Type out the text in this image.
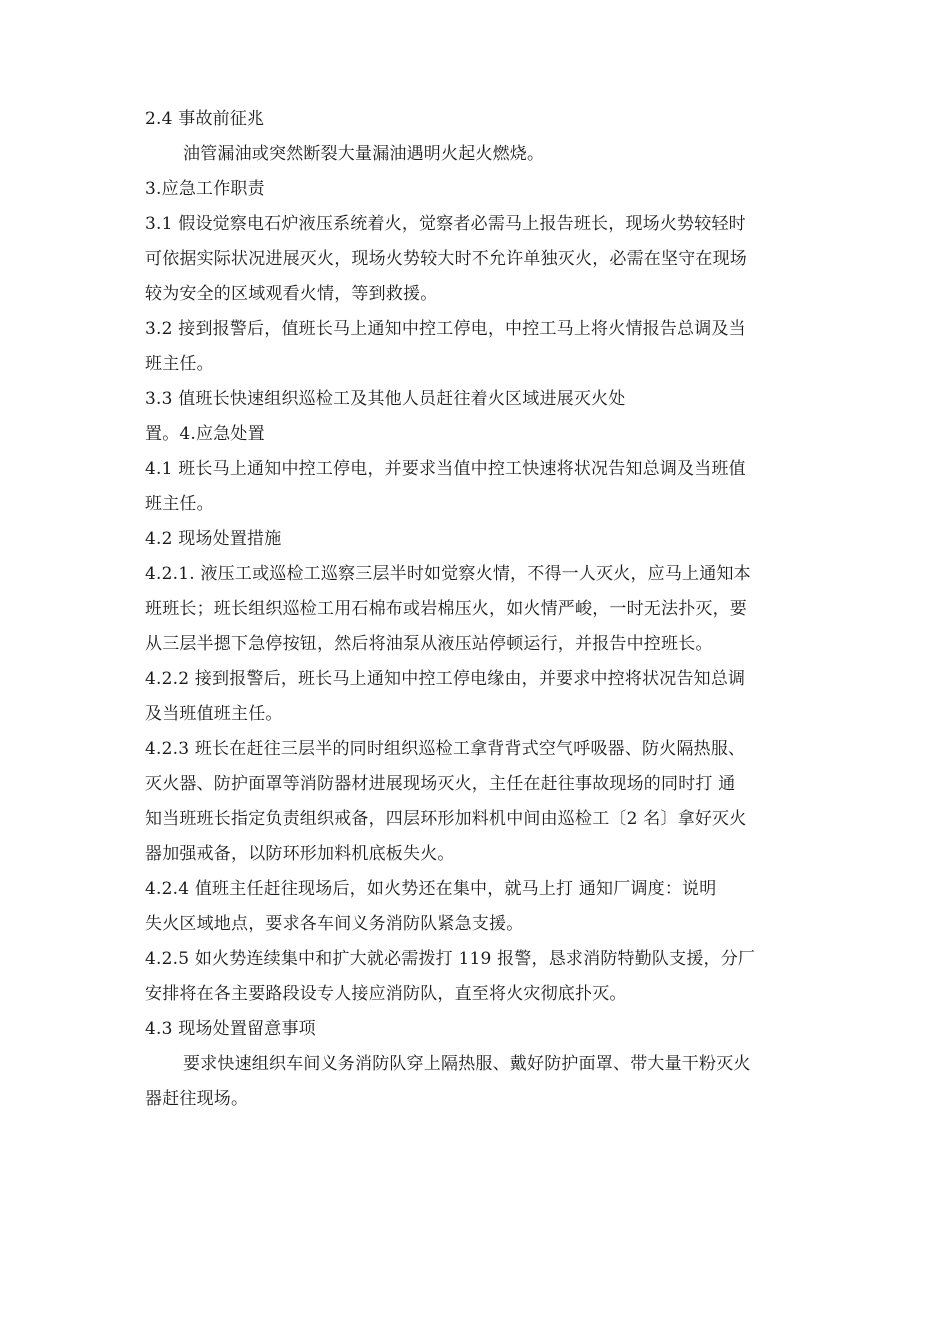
2.4 事故前征兆
油管漏油或突然断裂大量漏油遇明火起火燃烧。
3.应急工作职责
3.1 假设觉察电石炉液压系统着火，觉察者必需马上报告班长，现场火势较轻时
可依据实际状况进展灭火，现场火势较大时不允许单独灭火，必需在坚守在现场
较为安全的区域观看火情，等到救援。
3.2 接到报警后，值班长马上通知中控工停电，中控工马上将火情报告总调及当
班主任。
3.3 值班长快速组织巡检工及其他人员赶往着火区域进展灭火处
置。4.应急处置
4.1 班长马上通知中控工停电，并要求当值中控工快速将状况告知总调及当班值
班主任。
4.2 现场处置措施
4.2.1. 液压工或巡检工巡察三层半时如觉察火情，不得一人灭火，应马上通知本
班班长；班长组织巡检工用石棉布或岩棉压火，如火情严峻，一时无法扑灭，要
从三层半摁下急停按钮，然后将油泵从液压站停顿运行，并报告中控班长。
4.2.2 接到报警后，班长马上通知中控工停电缘由，并要求中控将状况告知总调
及当班值班主任。
4.2.3 班长在赶往三层半的同时组织巡检工拿背背式空气呼吸器、防火隔热服、
灭火器、防护面罩等消防器材进展现场灭火，主任在赶往事故现场的同时打 通
知当班班长指定负责组织戒备，四层环形加料机中间由巡检工〔2 名〕拿好灭火
器加强戒备，以防环形加料机底板失火。
4.2.4 值班主任赶往现场后，如火势还在集中，就马上打 通知厂调度：说明
失火区域地点，要求各车间义务消防队紧急支援。
4.2.5 如火势连续集中和扩大就必需拨打 119 报警，恳求消防特勤队支援，分厂
安排将在各主要路段设专人接应消防队，直至将火灾彻底扑灭。
4.3 现场处置留意事项
要求快速组织车间义务消防队穿上隔热服、戴好防护面罩、带大量干粉灭火
器赶往现场。
